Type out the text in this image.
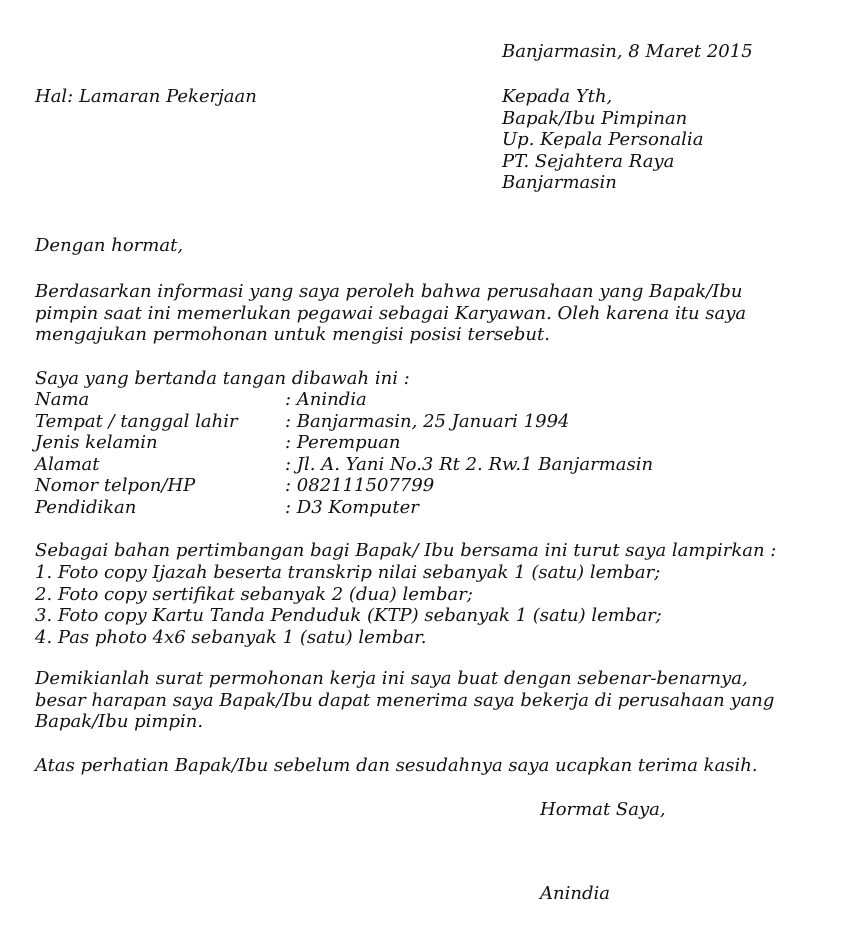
Banjarmasin, 8 Maret 2015
Hal: Lamaran Pekerjaan	Kepada Yth,
Bapak/Ibu Pimpinan
Up. Kepala Personalia
PT. Sejahtera Raya
Banjarmasin
Dengan hormat,
Berdasarkan informasi yang saya peroleh bahwa perusahaan yang Bapak/Ibu
pimpin saat ini memerlukan pegawai sebagai Karyawan. Oleh karena itu saya
mengajukan permohonan untuk mengisi posisi tersebut.
Saya yang bertanda tangan dibawah ini :
Nama	: Anindia
Tempat / tanggal lahir	: Banjarmasin, 25 Januari 1994
Jenis kelamin	: Perempuan
Alamat	: Jl. A. Yani No.3 Rt 2. Rw.1 Banjarmasin
Nomor telpon/HP	: 082111507799
Pendidikan	: D3 Komputer
Sebagai bahan pertimbangan bagi Bapak/ Ibu bersama ini turut saya lampirkan :
1. Foto copy Ijazah beserta transkrip nilai sebanyak 1 (satu) lembar;
2. Foto copy sertifikat sebanyak 2 (dua) lembar;
3. Foto copy Kartu Tanda Penduduk (KTP) sebanyak 1 (satu) lembar;
4. Pas photo 4x6 sebanyak 1 (satu) lembar.
Demikianlah surat permohonan kerja ini saya buat dengan sebenar-benarnya,
besar harapan saya Bapak/Ibu dapat menerima saya bekerja di perusahaan yang
Bapak/Ibu pimpin.
Atas perhatian Bapak/Ibu sebelum dan sesudahnya saya ucapkan terima kasih.
Hormat Saya,
Anindia
